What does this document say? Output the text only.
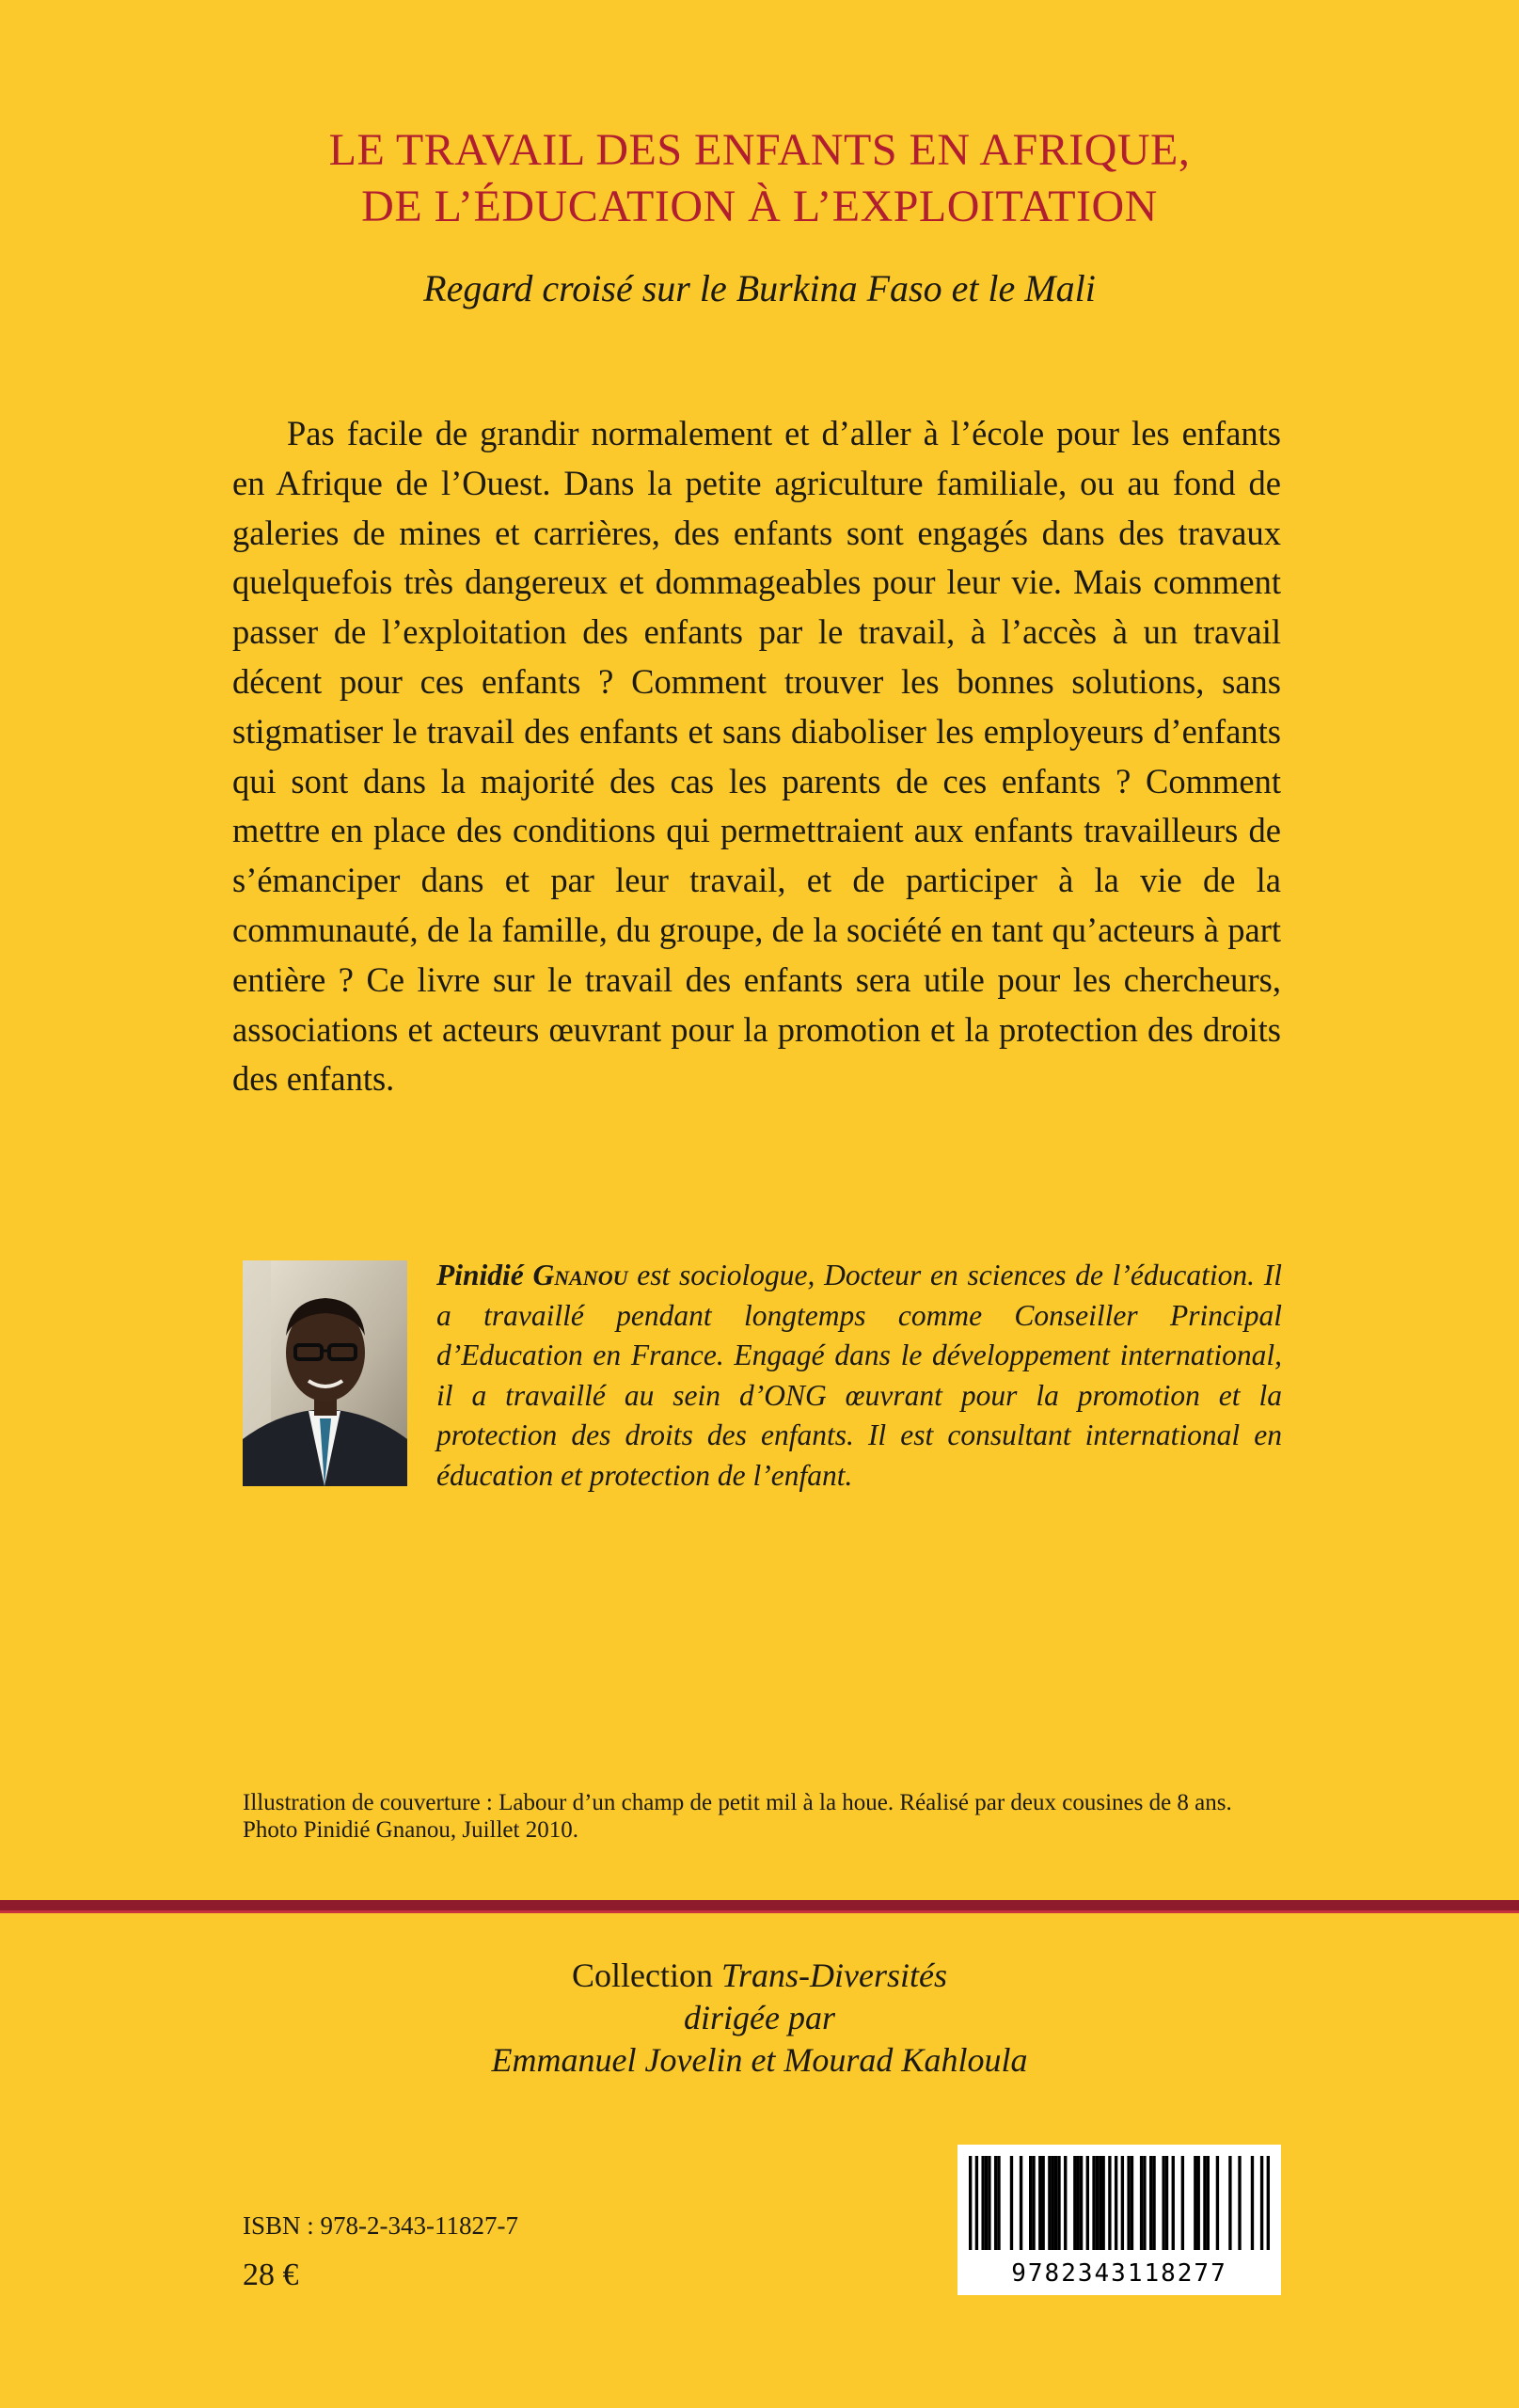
LE TRAVAIL DES ENFANTS EN AFRIQUE,
DE L’ÉDUCATION À L’EXPLOITATION
Regard croisé sur le Burkina Faso et le Mali

Pas facile de grandir normalement et d’aller à l’école pour les enfants en Afrique de l’Ouest. Dans la petite agriculture familiale, ou au fond de galeries de mines et carrières, des enfants sont engagés dans des travaux quelquefois très dangereux et dommageables pour leur vie. Mais comment passer de l’exploitation des enfants par le travail, à l’accès à un travail décent pour ces enfants ? Comment trouver les bonnes solutions, sans stigmatiser le travail des enfants et sans diaboliser les employeurs d’enfants qui sont dans la majorité des cas les parents de ces enfants ? Comment mettre en place des conditions qui permettraient aux enfants travailleurs de s’émanciper dans et par leur travail, et de participer à la vie de la communauté, de la famille, du groupe, de la société en tant qu’acteurs à part entière ? Ce livre sur le travail des enfants sera utile pour les chercheurs, associations et acteurs œuvrant pour la promotion et la protection des droits des enfants.

Pinidié Gnanou est sociologue, Docteur en sciences de l’éducation. Il a travaillé pendant longtemps comme Conseiller Principal d’Education en France. Engagé dans le développement international, il a travaillé au sein d’ONG œuvrant pour la promotion et la protection des droits des enfants. Il est consultant international en éducation et protection de l’enfant.

Illustration de couverture : Labour d’un champ de petit mil à la houe. Réalisé par deux cousines de 8 ans.
Photo Pinidié Gnanou, Juillet 2010.
Collection Trans-Diversités
dirigée par
Emmanuel Jovelin et Mourad Kahloula
ISBN : 978-2-343-11827-7
28 €	9782343118277
